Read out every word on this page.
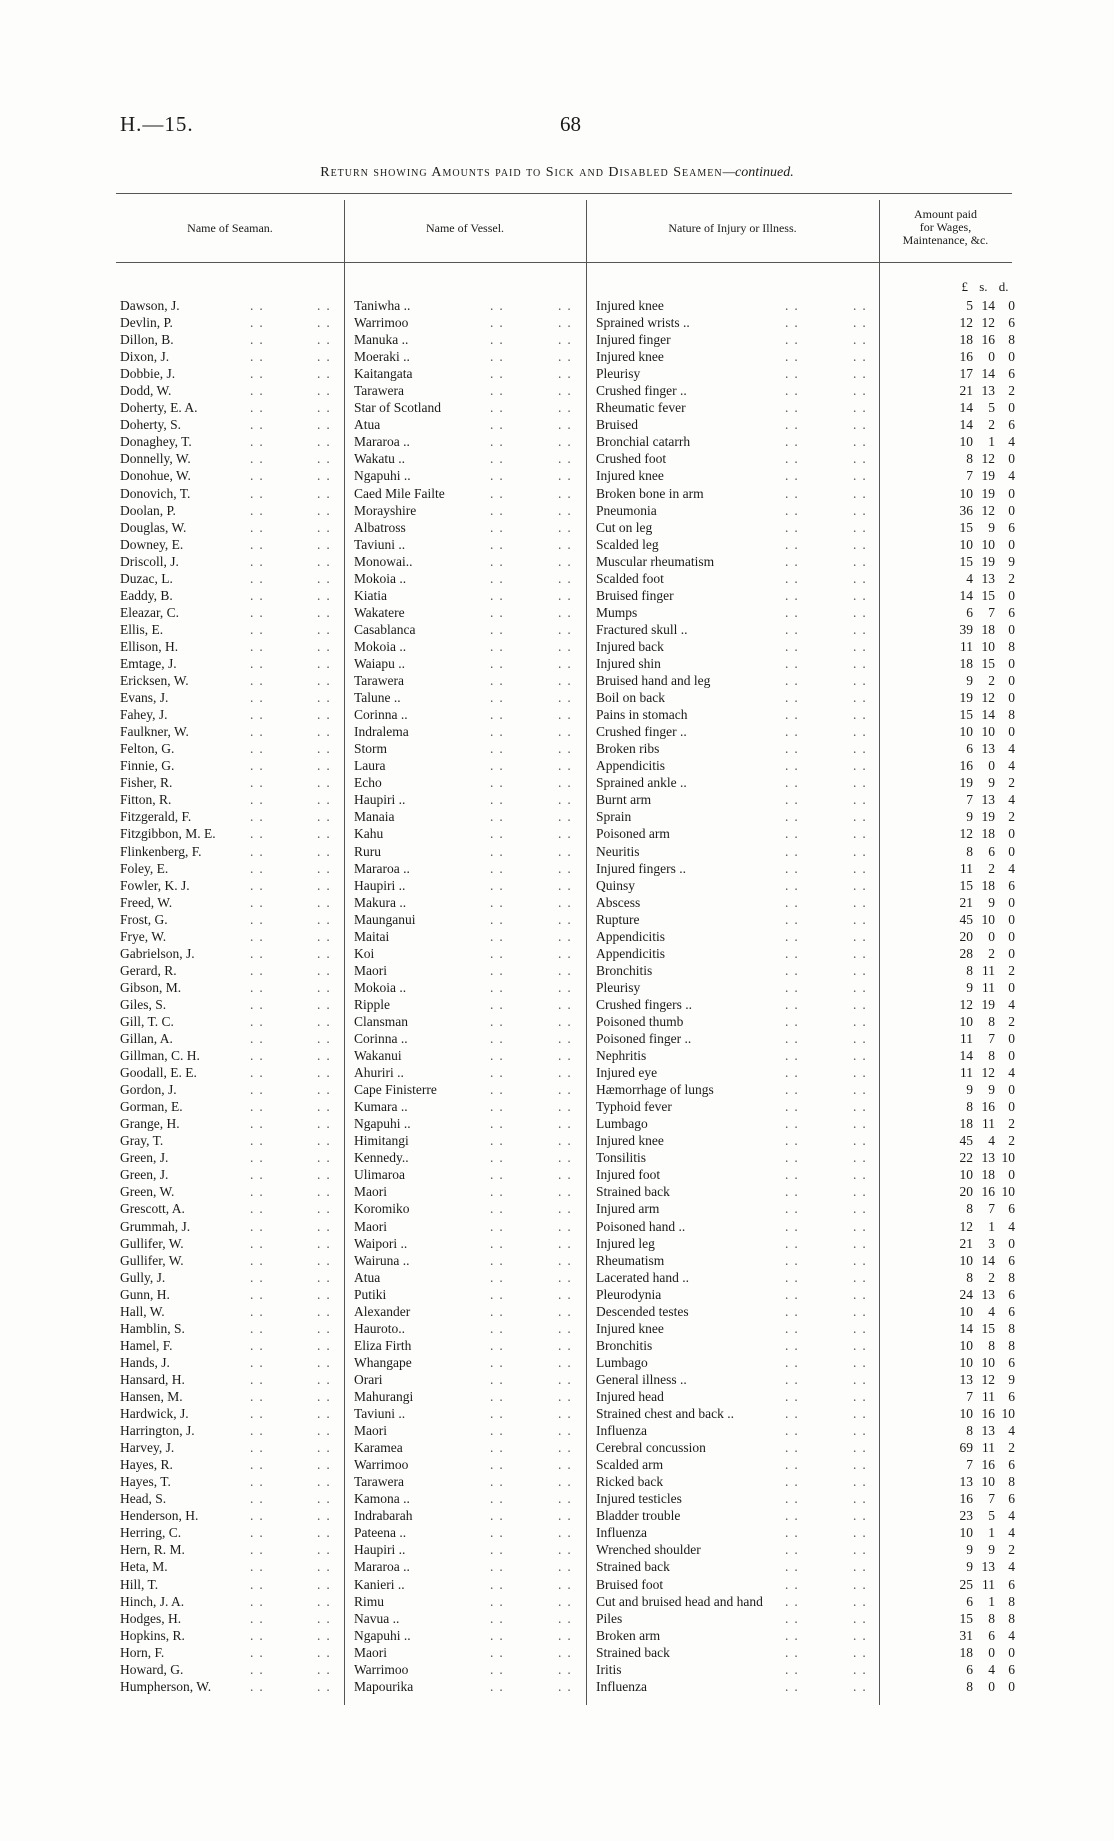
H.—15.	68
Return showing Amounts paid to Sick and Disabled Seamen—continued.
Name of Seaman.	Name of Vessel.	Nature of Injury or Illness.
Amount paid
for Wages,
Maintenance, &c.
£ s. d.
Dawson, J.	..	.. Taniwha ..	..	.. Injured knee	..	..	5 14 0
Devlin, P.	..	.. Warrimoo	..	.. Sprained wrists ..	..	..	12 12 6
Dillon, B.	..	.. Manuka ..	..	.. Injured finger	..	..	18 16 8
Dixon, J.	..	.. Moeraki ..	..	.. Injured knee	..	..	16 0 0
Dobbie, J.	..	.. Kaitangata	..	.. Pleurisy	..	..	17 14 6
Dodd, W.	..	.. Tarawera	..	.. Crushed finger ..	..	..	21 13 2
Doherty, E. A.	..	.. Star of Scotland	..	.. Rheumatic fever	..	..	14 5 0
Doherty, S.	..	.. Atua	..	.. Bruised	..	..	14 2 6
Donaghey, T.	..	.. Mararoa ..	..	.. Bronchial catarrh	..	..	10 1 4
Donnelly, W.	..	.. Wakatu ..	..	.. Crushed foot	..	..	8 12 0
Donohue, W.	..	.. Ngapuhi ..	..	.. Injured knee	..	..	7 19 4
Donovich, T.	..	.. Caed Mile Failte	..	.. Broken bone in arm	..	..	10 19 0
Doolan, P.	..	.. Morayshire	..	.. Pneumonia	..	..	36 12 0
Douglas, W.	..	.. Albatross	..	.. Cut on leg	..	..	15 9 6
Downey, E.	..	.. Taviuni ..	..	.. Scalded leg	..	..	10 10 0
Driscoll, J.	..	.. Monowai..	..	.. Muscular rheumatism	..	..	15 19 9
Duzac, L.	..	.. Mokoia ..	..	.. Scalded foot	..	..	4 13 2
Eaddy, B.	..	.. Kiatia	..	.. Bruised finger	..	..	14 15 0
Eleazar, C.	..	.. Wakatere	..	.. Mumps	..	..	6 7 6
Ellis, E.	..	.. Casablanca	..	.. Fractured skull ..	..	..	39 18 0
Ellison, H.	..	.. Mokoia ..	..	.. Injured back	..	..	11 10 8
Emtage, J.	..	.. Waiapu ..	..	.. Injured shin	..	..	18 15 0
Ericksen, W.	..	.. Tarawera	..	.. Bruised hand and leg	..	..	9 2 0
Evans, J.	..	.. Talune ..	..	.. Boil on back	..	..	19 12 0
Fahey, J.	..	.. Corinna ..	..	.. Pains in stomach	..	..	15 14 8
Faulkner, W.	..	.. Indralema	..	.. Crushed finger ..	..	..	10 10 0
Felton, G.	..	.. Storm	..	.. Broken ribs	..	..	6 13 4
Finnie, G.	..	.. Laura	..	.. Appendicitis	..	..	16 0 4
Fisher, R.	..	.. Echo	..	.. Sprained ankle ..	..	..	19 9 2
Fitton, R.	..	.. Haupiri ..	..	.. Burnt arm	..	..	7 13 4
Fitzgerald, F.	..	.. Manaia	..	.. Sprain	..	..	9 19 2
Fitzgibbon, M. E.	..	.. Kahu	..	.. Poisoned arm	..	..	12 18 0
Flinkenberg, F.	..	.. Ruru	..	.. Neuritis	..	..	8 6 0
Foley, E.	..	.. Mararoa ..	..	.. Injured fingers ..	..	..	11 2 4
Fowler, K. J.	..	.. Haupiri ..	..	.. Quinsy	..	..	15 18 6
Freed, W.	..	.. Makura ..	..	.. Abscess	..	..	21 9 0
Frost, G.	..	.. Maunganui	..	.. Rupture	..	..	45 10 0
Frye, W.	..	.. Maitai	..	.. Appendicitis	..	..	20 0 0
Gabrielson, J.	..	.. Koi	..	.. Appendicitis	..	..	28 2 0
Gerard, R.	..	.. Maori	..	.. Bronchitis	..	..	8 11 2
Gibson, M.	..	.. Mokoia ..	..	.. Pleurisy	..	..	9 11 0
Giles, S.	..	.. Ripple	..	.. Crushed fingers ..	..	..	12 19 4
Gill, T. C.	..	.. Clansman	..	.. Poisoned thumb	..	..	10 8 2
Gillan, A.	..	.. Corinna ..	..	.. Poisoned finger ..	..	..	11 7 0
Gillman, C. H.	..	.. Wakanui	..	.. Nephritis	..	..	14 8 0
Goodall, E. E.	..	.. Ahuriri ..	..	.. Injured eye	..	..	11 12 4
Gordon, J.	..	.. Cape Finisterre	..	.. Hæmorrhage of lungs	..	..	9 9 0
Gorman, E.	..	.. Kumara ..	..	.. Typhoid fever	..	..	8 16 0
Grange, H.	..	.. Ngapuhi ..	..	.. Lumbago	..	..	18 11 2
Gray, T.	..	.. Himitangi	..	.. Injured knee	..	..	45 4 2
Green, J.	..	.. Kennedy..	..	.. Tonsilitis	..	..	22 13 10
Green, J.	..	.. Ulimaroa	..	.. Injured foot	..	..	10 18 0
Green, W.	..	.. Maori	..	.. Strained back	..	..	20 16 10
Grescott, A.	..	.. Koromiko	..	.. Injured arm	..	..	8 7 6
Grummah, J.	..	.. Maori	..	.. Poisoned hand ..	..	..	12 1 4
Gullifer, W.	..	.. Waipori ..	..	.. Injured leg	..	..	21 3 0
Gullifer, W.	..	.. Wairuna ..	..	.. Rheumatism	..	..	10 14 6
Gully, J.	..	.. Atua	..	.. Lacerated hand ..	..	..	8 2 8
Gunn, H.	..	.. Putiki	..	.. Pleurodynia	..	..	24 13 6
Hall, W.	..	.. Alexander	..	.. Descended testes	..	..	10 4 6
Hamblin, S.	..	.. Hauroto..	..	.. Injured knee	..	..	14 15 8
Hamel, F.	..	.. Eliza Firth	..	.. Bronchitis	..	..	10 8 8
Hands, J.	..	.. Whangape	..	.. Lumbago	..	..	10 10 6
Hansard, H.	..	.. Orari	..	.. General illness ..	..	..	13 12 9
Hansen, M.	..	.. Mahurangi	..	.. Injured head	..	..	7 11 6
Hardwick, J.	..	.. Taviuni ..	..	.. Strained chest and back ..	..	..	10 16 10
Harrington, J.	..	.. Maori	..	.. Influenza	..	..	8 13 4
Harvey, J.	..	.. Karamea	..	.. Cerebral concussion	..	..	69 11 2
Hayes, R.	..	.. Warrimoo	..	.. Scalded arm	..	..	7 16 6
Hayes, T.	..	.. Tarawera	..	.. Ricked back	..	..	13 10 8
Head, S.	..	.. Kamona ..	..	.. Injured testicles	..	..	16 7 6
Henderson, H.	..	.. Indrabarah	..	.. Bladder trouble	..	..	23 5 4
Herring, C.	..	.. Pateena ..	..	.. Influenza	..	..	10 1 4
Hern, R. M.	..	.. Haupiri ..	..	.. Wrenched shoulder	..	..	9 9 2
Heta, M.	..	.. Mararoa ..	..	.. Strained back	..	..	9 13 4
Hill, T.	..	.. Kanieri ..	..	.. Bruised foot	..	..	25 11 6
Hinch, J. A.	..	.. Rimu	..	.. Cut and bruised head and hand ..	..	6 1 8
Hodges, H.	..	.. Navua ..	..	.. Piles	..	..	15 8 8
Hopkins, R.	..	.. Ngapuhi ..	..	.. Broken arm	..	..	31 6 4
Horn, F.	..	.. Maori	..	.. Strained back	..	..	18 0 0
Howard, G.	..	.. Warrimoo	..	.. Iritis	..	..	6 4 6
Humpherson, W.	..	.. Mapourika	..	.. Influenza	..	..	8 0 0
